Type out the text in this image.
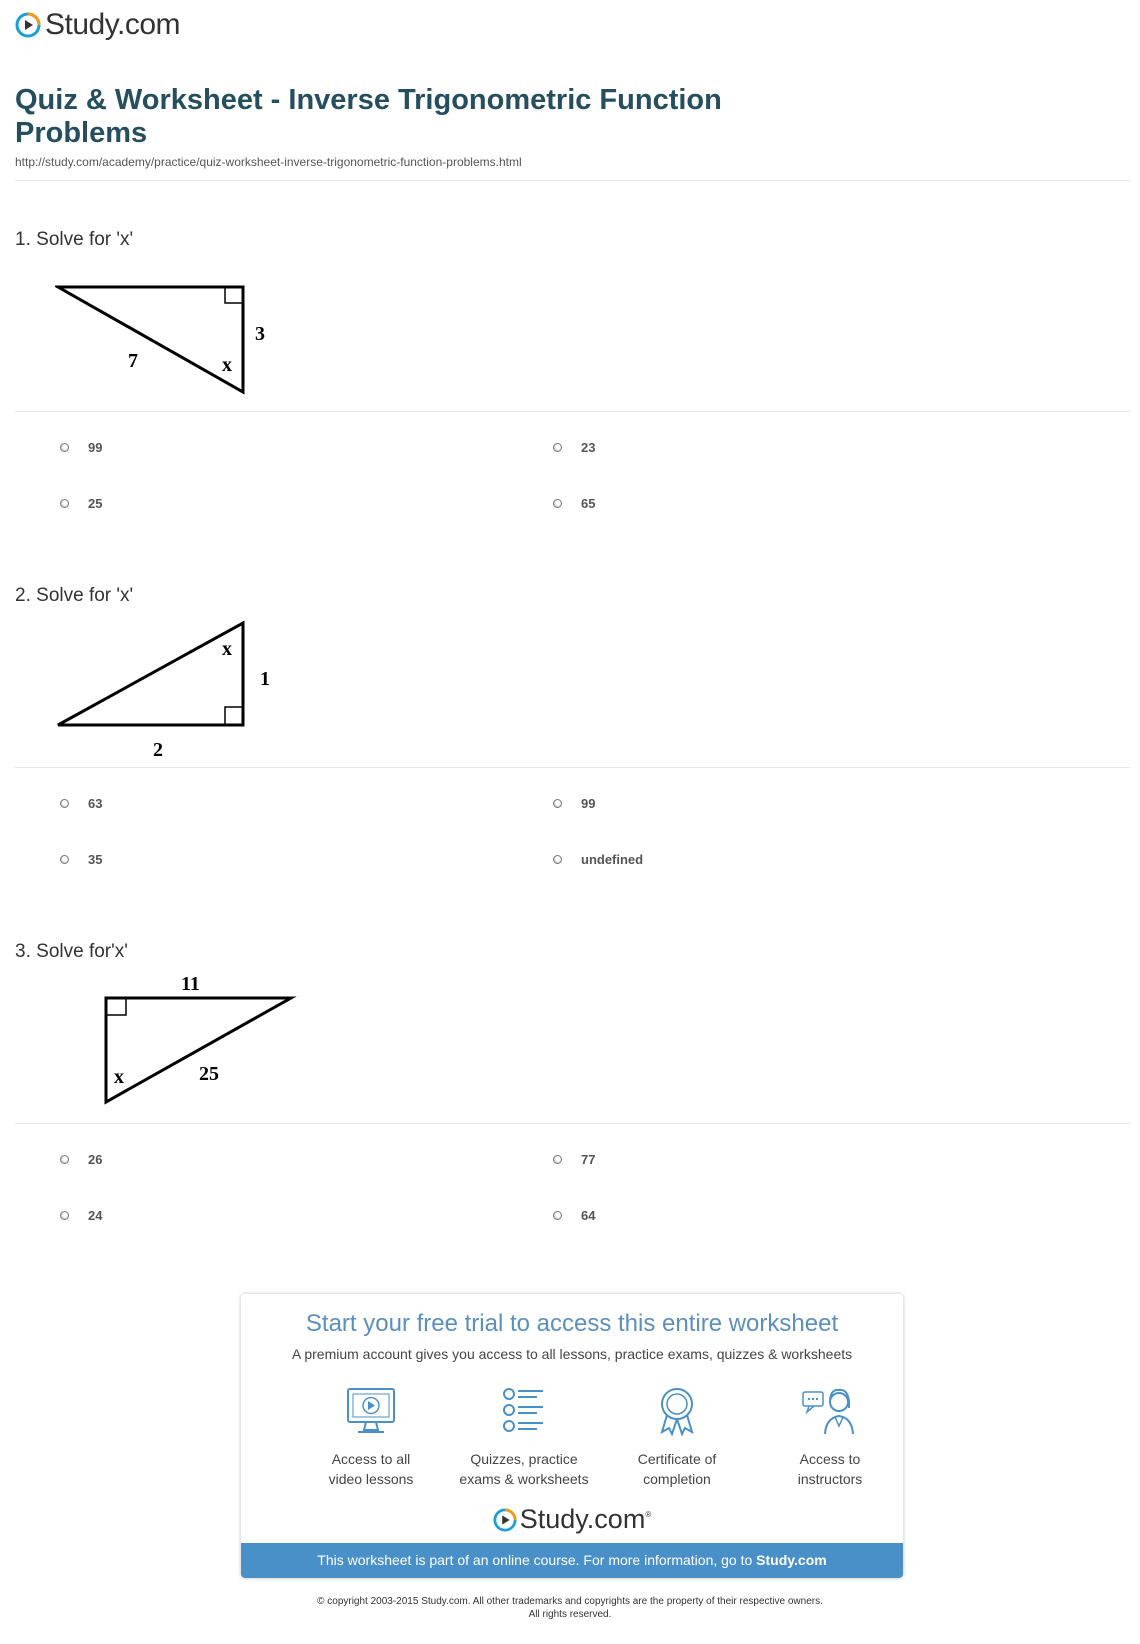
Study.com
Quiz & Worksheet - Inverse Trigonometric Function Problems
http://study.com/academy/practice/quiz-worksheet-inverse-trigonometric-function-problems.html
1. Solve for 'x'
3
7	x
99	23
25	65
2. Solve for 'x'
x
1
2
63	99
35	undefined
3. Solve for'x'
11
x	25
26	77
24	64
Start your free trial to access this entire worksheet
A premium account gives you access to all lessons, practice exams, quizzes & worksheets
Access to all
video lessons
Quizzes, practice
exams & worksheets
Certificate of
completion
Access to
instructors
Study.com ®
This worksheet is part of an online course. For more information, go to Study.com
© copyright 2003-2015 Study.com. All other trademarks and copyrights are the property of their respective owners.
All rights reserved.
